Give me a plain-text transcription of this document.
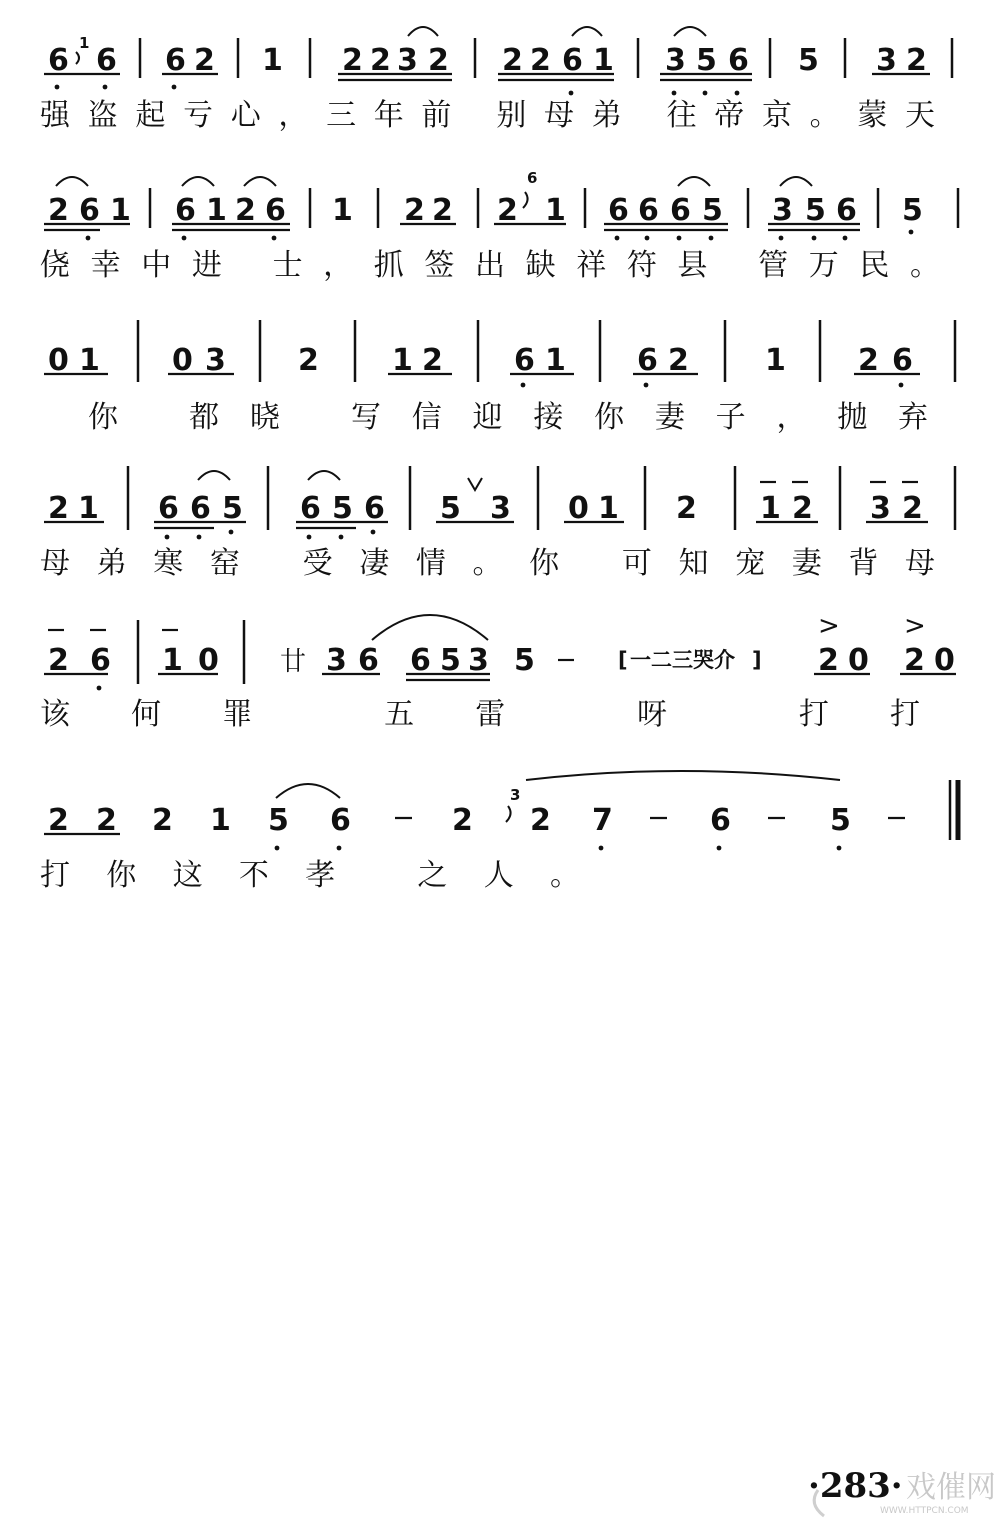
6 1 6 6 2 1 2 2 3 2 2 2 6 1 3 5 6 5 3 2
强盗起亏心，三年前 别母弟 往帝京。蒙天
2 6 1 6 1 2 6 1 2 2 2
6
1 6 6 6 5 3 5 6 5
侥幸中进 士，抓签出缺祥符县 管万民。
0 1 0 3 2 1 2 6 1 6 2	1 2 6
你 都晓 写信迎接你妻子，抛弃
2 1 6 6 5 6 5 6 5 3 0 1 2 1 2 3 2
母弟寒窑 受凄情。你 可知宠妻背母
2 6 1 0 廿 3 6 6 5 3 5	[ 一二三哭介 ]
>
2 0
>
2 0
该何罪 五雷 呀 打打
2 2 2 1 5 6	2
3
2 7	6	5
打你这不孝 之人。
·283· 戏催网
WWW.HTTPCN.COM
